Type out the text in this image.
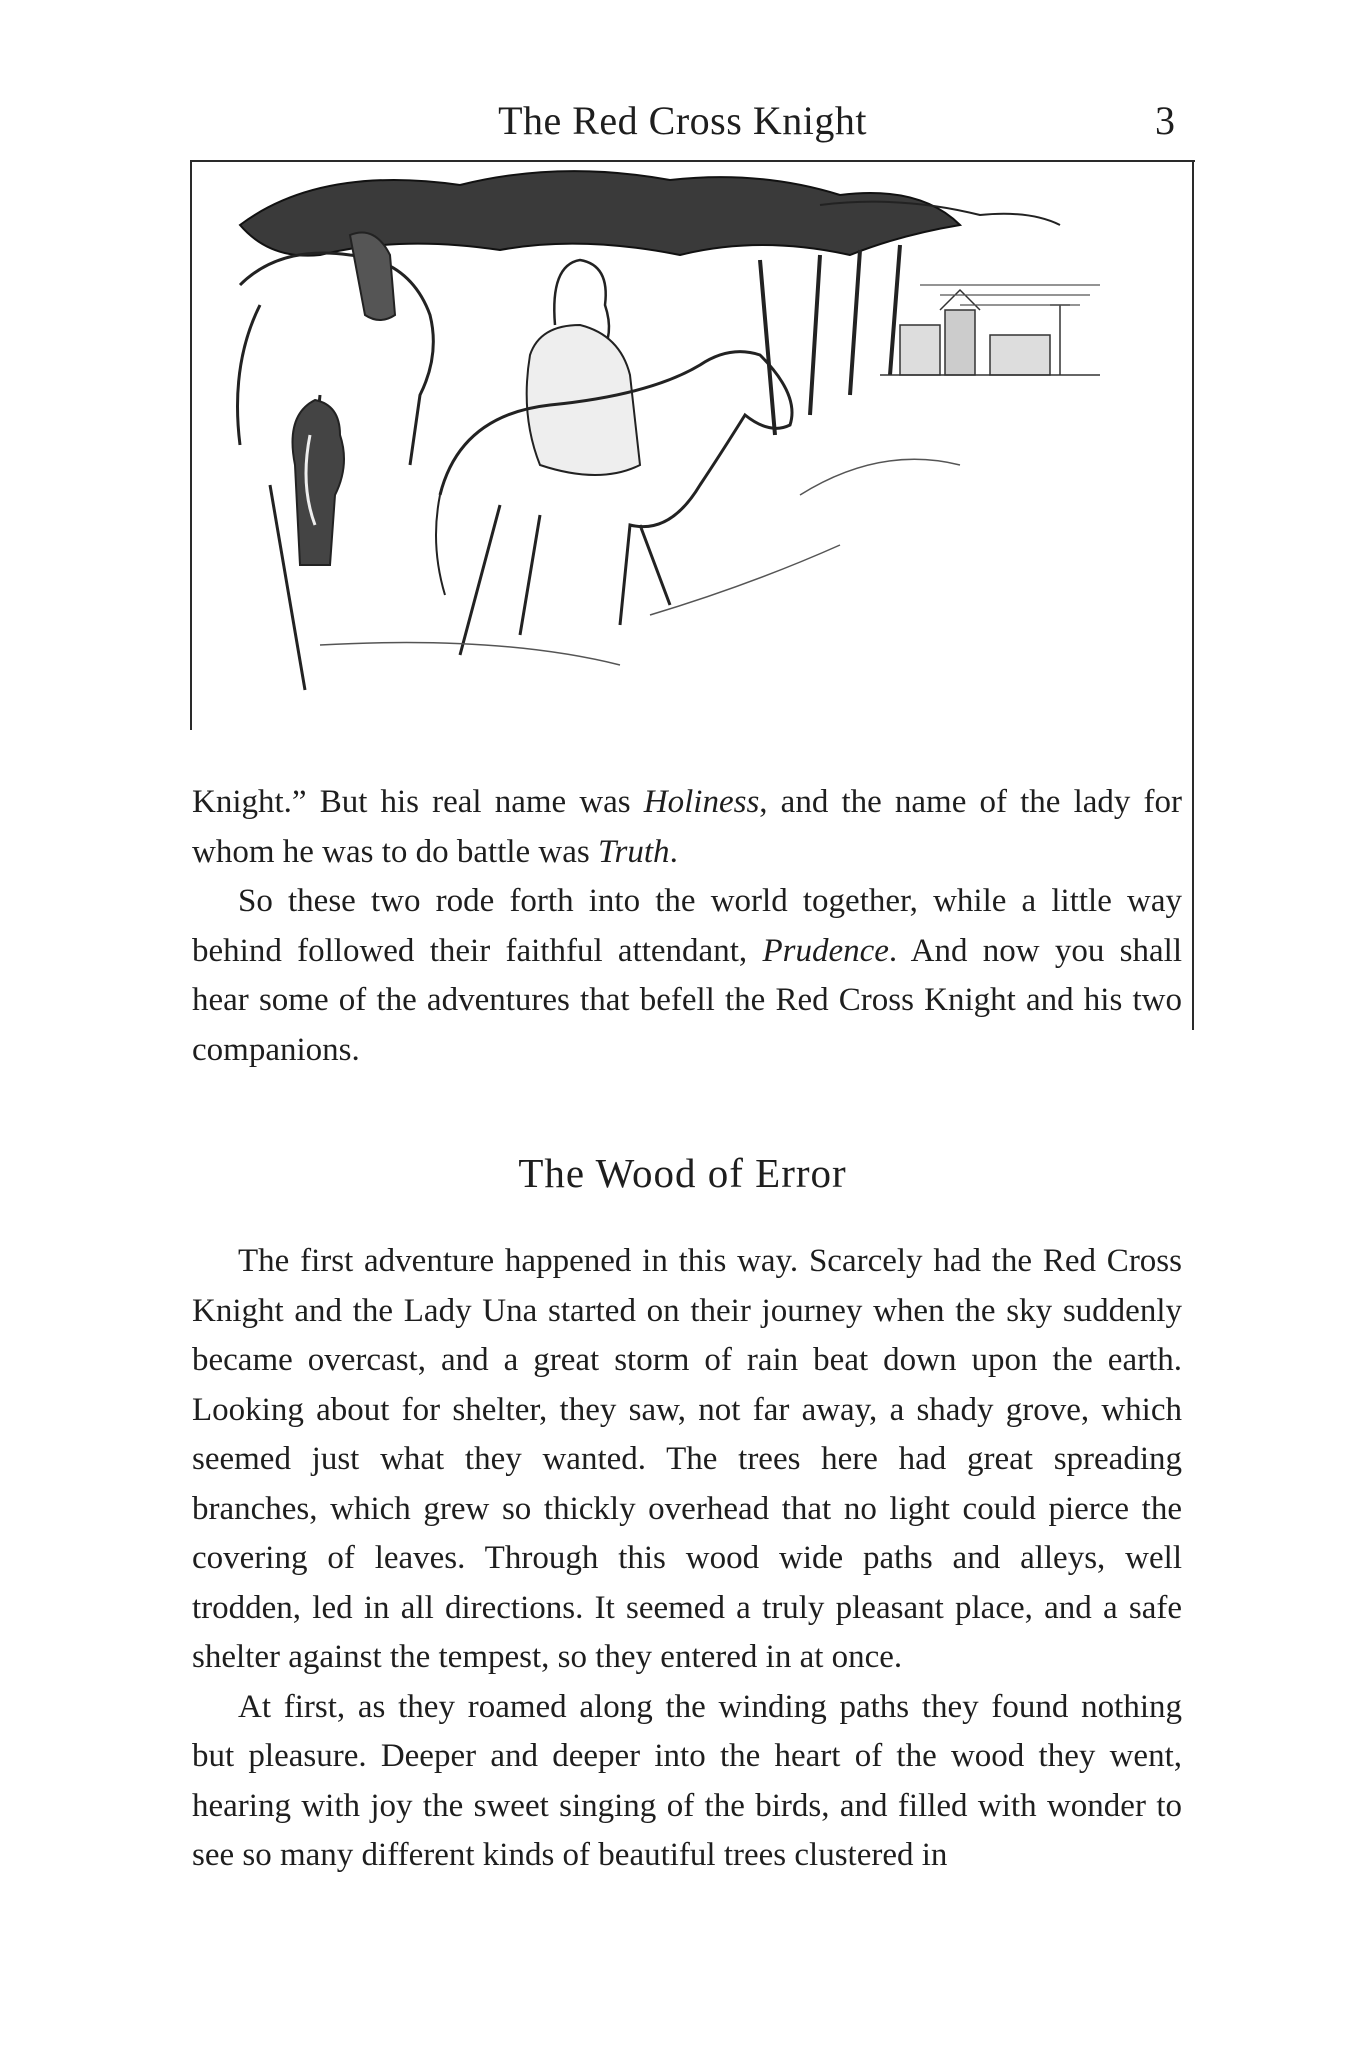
The Red Cross Knight	3

Knight.” But his real name was Holiness, and the name of the lady for whom he was to do battle was Truth.

So these two rode forth into the world together, while a little way behind followed their faithful attendant, Prudence. And now you shall hear some of the adventures that befell the Red Cross Knight and his two companions.

The Wood of Error

The first adventure happened in this way. Scarcely had the Red Cross Knight and the Lady Una started on their journey when the sky suddenly became overcast, and a great storm of rain beat down upon the earth. Looking about for shelter, they saw, not far away, a shady grove, which seemed just what they wanted. The trees here had great spreading branches, which grew so thickly overhead that no light could pierce the covering of leaves. Through this wood wide paths and alleys, well trodden, led in all directions. It seemed a truly pleasant place, and a safe shelter against the tempest, so they entered in at once.

At first, as they roamed along the winding paths they found nothing but pleasure. Deeper and deeper into the heart of the wood they went, hearing with joy the sweet singing of the birds, and filled with wonder to see so many different kinds of beautiful trees clustered in
